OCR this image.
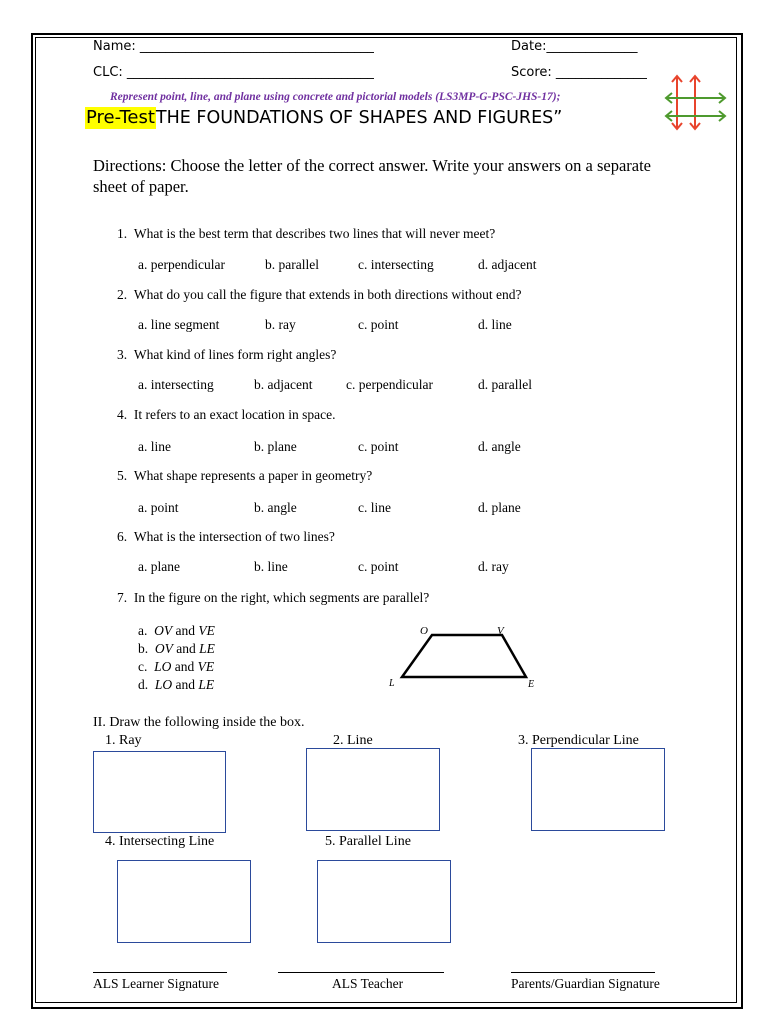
Name: ____________________________________	Date:______________
CLC: ______________________________________	Score: ______________
Represent point, line, and plane using concrete and pictorial models (LS3MP-G-PSC-JHS-17);
Pre-Test THE FOUNDATIONS OF SHAPES AND FIGURES”
Directions: Choose the letter of the correct answer. Write your answers on a separate sheet of paper.
1. What is the best term that describes two lines that will never meet?
a. perpendicular	b. parallel	c. intersecting	d. adjacent
2. What do you call the figure that extends in both directions without end?
a. line segment	b. ray	c. point	d. line
3. What kind of lines form right angles?
a. intersecting	b. adjacent c. perpendicular	d. parallel
4. It refers to an exact location in space.
a. line	b. plane	c. point	d. angle
5. What shape represents a paper in geometry?
a. point	b. angle	c. line	d. plane
6. What is the intersection of two lines?
a. plane	b. line	c. point	d. ray
7. In the figure on the right, which segments are parallel?
a. OV and VE
b. OV and LE
c. LO and VE
d. LO and LE
O	V
L	E
II. Draw the following inside the box.
1. Ray	2. Line	3. Perpendicular Line
4. Intersecting Line	5. Parallel Line
ALS Learner Signature	ALS Teacher	Parents/Guardian Signature
